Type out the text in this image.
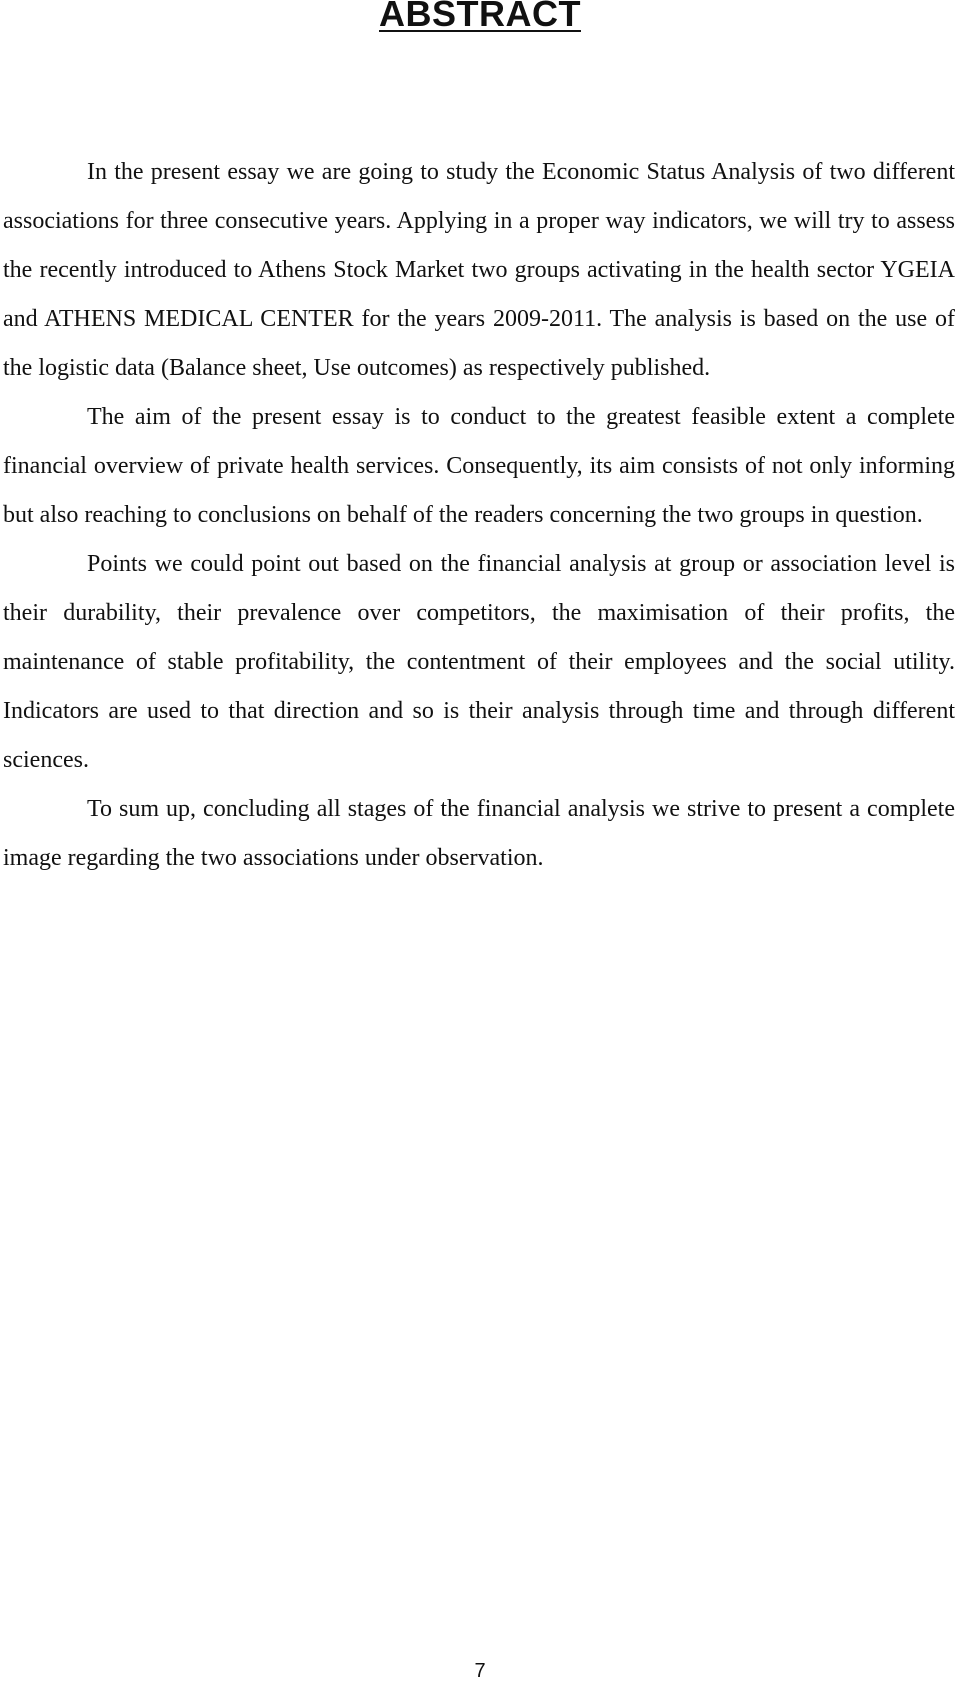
ABSTRACT

In the present essay we are going to study the Economic Status Analysis of two different associations for three consecutive years. Applying in a proper way indicators, we will try to assess the recently introduced to Athens Stock Market two groups activating in the health sector YGEIA and ATHENS MEDICAL CENTER for the years 2009-2011. The analysis is based on the use of the logistic data (Balance sheet, Use outcomes) as respectively published.

The aim of the present essay is to conduct to the greatest feasible extent a complete financial overview of private health services. Consequently, its aim consists of not only informing but also reaching to conclusions on behalf of the readers concerning the two groups in question.

Points we could point out based on the financial analysis at group or association level is their durability, their prevalence over competitors, the maximisation of their profits, the maintenance of stable profitability, the contentment of their employees and the social utility. Indicators are used to that direction and so is their analysis through time and through different sciences.

To sum up, concluding all stages of the financial analysis we strive to present a complete image regarding the two associations under observation.

7
